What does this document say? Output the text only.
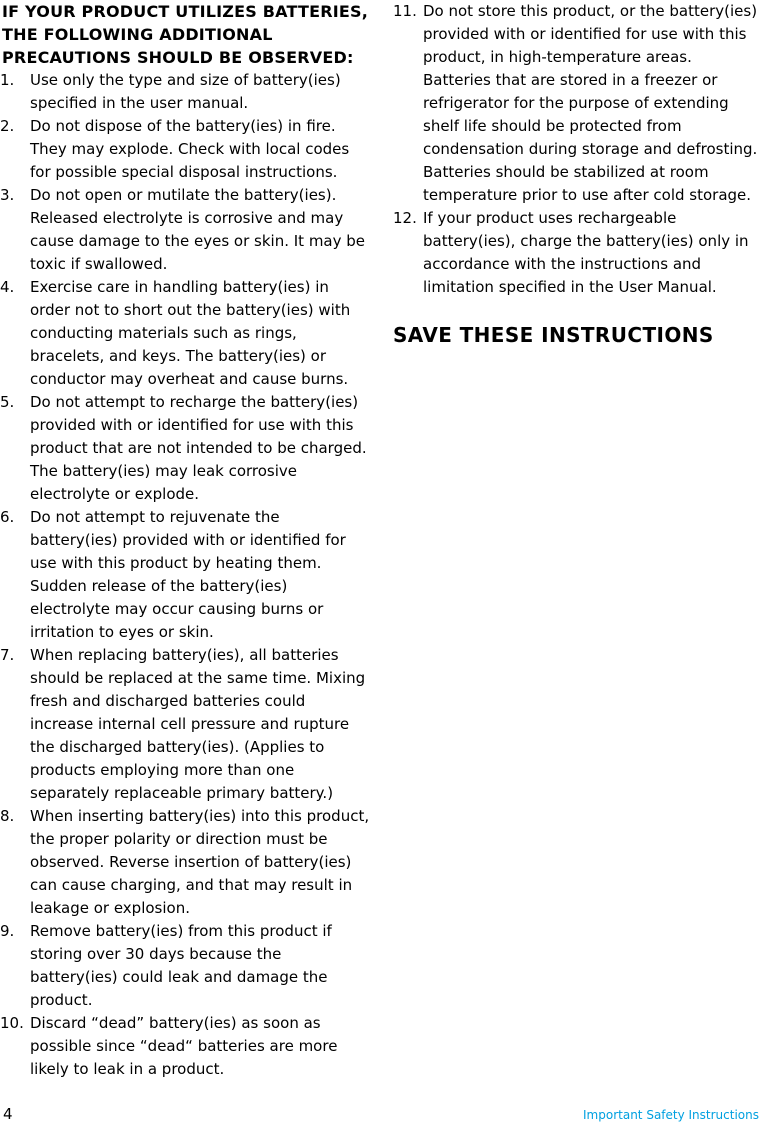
IF YOUR PRODUCT UTILIZES BATTERIES, THE FOLLOWING ADDITIONAL PRECAUTIONS SHOULD BE OBSERVED:
1. Use only the type and size of battery(ies) specified in the user manual.
2. Do not dispose of the battery(ies) in fire. They may explode. Check with local codes for possible special disposal instructions.
3. Do not open or mutilate the battery(ies). Released electrolyte is corrosive and may cause damage to the eyes or skin. It may be toxic if swallowed.
4. Exercise care in handling battery(ies) in order not to short out the battery(ies) with conducting materials such as rings, bracelets, and keys. The battery(ies) or conductor may overheat and cause burns.
5. Do not attempt to recharge the battery(ies) provided with or identified for use with this product that are not intended to be charged. The battery(ies) may leak corrosive electrolyte or explode.
6. Do not attempt to rejuvenate the battery(ies) provided with or identified for use with this product by heating them. Sudden release of the battery(ies) electrolyte may occur causing burns or irritation to eyes or skin.
7. When replacing battery(ies), all batteries should be replaced at the same time. Mixing fresh and discharged batteries could increase internal cell pressure and rupture the discharged battery(ies). (Applies to products employing more than one separately replaceable primary battery.)
8. When inserting battery(ies) into this product, the proper polarity or direction must be observed. Reverse insertion of battery(ies) can cause charging, and that may result in leakage or explosion.
9. Remove battery(ies) from this product if storing over 30 days because the battery(ies) could leak and damage the product.
10. Discard “dead” battery(ies) as soon as possible since “dead“ batteries are more likely to leak in a product.
11. Do not store this product, or the battery(ies) provided with or identified for use with this product, in high-temperature areas. Batteries that are stored in a freezer or refrigerator for the purpose of extending shelf life should be protected from condensation during storage and defrosting. Batteries should be stabilized at room temperature prior to use after cold storage.
12. If your product uses rechargeable battery(ies), charge the battery(ies) only in accordance with the instructions and limitation specified in the User Manual.
SAVE THESE INSTRUCTIONS
4	Important Safety Instructions
